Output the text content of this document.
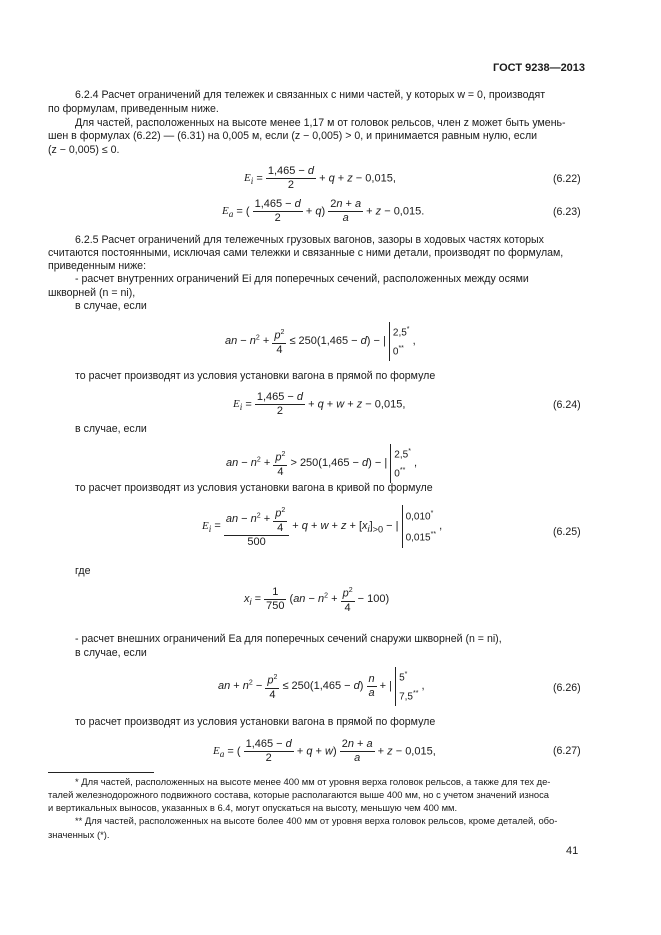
ГОСТ 9238—2013
6.2.4 Расчет ограничений для тележек и связанных с ними частей, у которых w = 0, производят
по формулам, приведенным ниже.
Для частей, расположенных на высоте менее 1,17 м от головок рельсов, член z может быть умень-
шен в формулах (6.22) — (6.31) на 0,005 м, если (z − 0,005) > 0, и принимается равным нулю, если
(z − 0,005) ≤ 0.
$E_i = \frac{1,465 - d}{2} + q + z - 0,015$,	(6.22)
$E_a$ = ( $\frac{1,465 - d}{2} + q) \frac{2n + a}{a} + z - 0,015$.	(6.23)
6.2.5 Расчет ограничений для тележечных грузовых вагонов, зазоры в ходовых частях которых
считаются постоянными, исключая сами тележки и связанные с ними детали, производят по формулам,
приведенным ниже:
- расчет внутренних ограничений Ei для поперечных сечений, расположенных между осями
шкворней (n = ni),
в случае, если
an − $n^2 + \frac{p^2}{4} \le 250(1,465 - d)$ − | 2,5*
0** ,
то расчет производят из условия установки вагона в прямой по формуле
$E_i = \frac{1,465 - d}{2} + q + w + z - 0,015$,	(6.24)
в случае, если
an − $n^2 + \frac{p^2}{4} > 250(1,465 - d)$ − | 2,5*
0** ,
то расчет производят из условия установки вагона в кривой по формуле
$E_i = \frac{an - n^2 + \frac{p^2}{4}}{500} + q + w + z + [x_i]_{>0}$ − | 0,010*
0,015** ,	(6.25)
где
$x_i = \frac{1}{750} (an - n^2 + \frac{p^2}{4} - 100)$
- расчет внешних ограничений Eа для поперечных сечений снаружи шкворней (n = ni),
в случае, если
an + $n^2 - \frac{p^2}{4} \le 250(1,465 - d) \frac{n}{a}$ + | 5*
7,5** ,	(6.26)
то расчет производят из условия установки вагона в прямой по формуле
$E_a$ = ( $\frac{1,465 - d}{2} + q + w) \frac{2n + a}{a} + z - 0,015$,	(6.27)
* Для частей, расположенных на высоте менее 400 мм от уровня верха головок рельсов, а также для тех де-
талей железнодорожного подвижного состава, которые располагаются выше 400 мм, но с учетом значений износа
и вертикальных выносов, указанных в 6.4, могут опускаться на высоту, меньшую чем 400 мм.
** Для частей, расположенных на высоте более 400 мм от уровня верха головок рельсов, кроме деталей, обо-
значенных (*).
41
